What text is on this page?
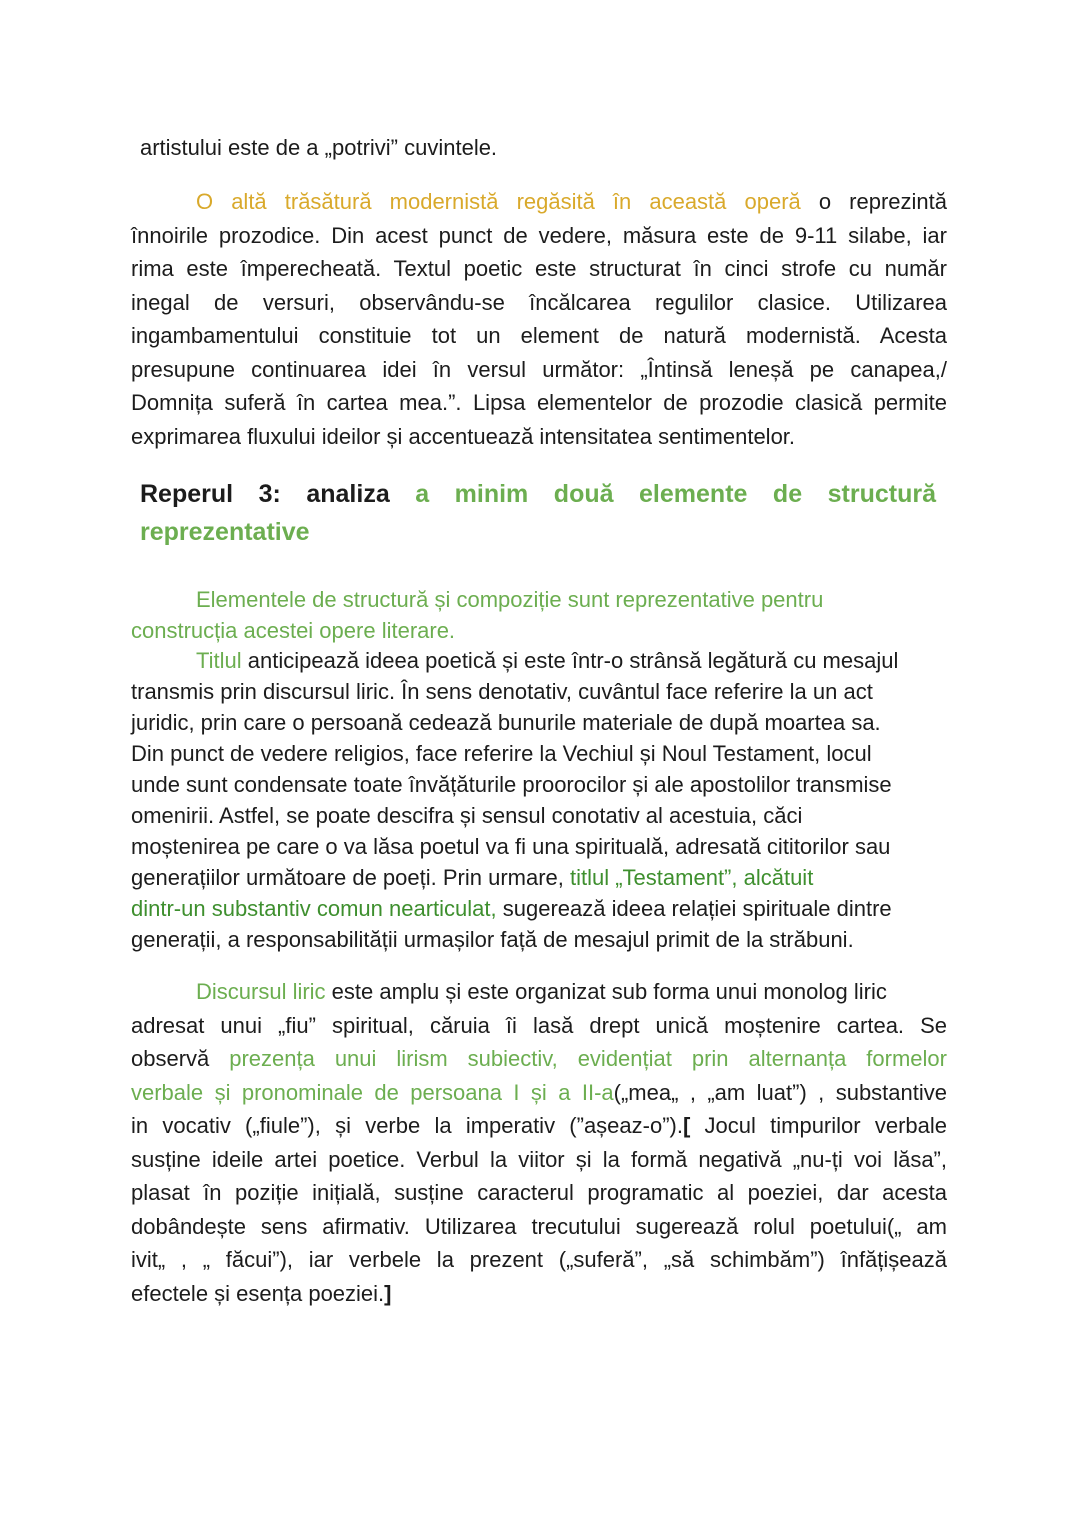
artistului este de a „potrivi” cuvintele.
O altă trăsătură modernistă regăsită în această operă o reprezintă
înnoirile prozodice. Din acest punct de vedere, măsura este de 9-11 silabe, iar
rima este împerecheată. Textul poetic este structurat în cinci strofe cu număr
inegal de versuri, observându-se încălcarea regulilor clasice. Utilizarea
ingambamentului constituie tot un element de natură modernistă. Acesta
presupune continuarea idei în versul următor: „Întinsă leneșă pe canapea,/
Domnița suferă în cartea mea.”. Lipsa elementelor de prozodie clasică permite
exprimarea fluxului ideilor și accentuează intensitatea sentimentelor.
Reperul 3: analiza a minim două elemente de structură
reprezentative
Elementele de structură și compoziție sunt reprezentative pentru
construcția acestei opere literare.
Titlul anticipează ideea poetică și este într-o strânsă legătură cu mesajul
transmis prin discursul liric. În sens denotativ, cuvântul face referire la un act
juridic, prin care o persoană cedează bunurile materiale de după moartea sa.
Din punct de vedere religios, face referire la Vechiul și Noul Testament, locul
unde sunt condensate toate învățăturile proorocilor și ale apostolilor transmise
omenirii. Astfel, se poate descifra și sensul conotativ al acestuia, căci
moștenirea pe care o va lăsa poetul va fi una spirituală, adresată cititorilor sau
generațiilor următoare de poeți. Prin urmare, titlul „Testament”, alcătuit
dintr-un substantiv comun nearticulat, sugerează ideea relației spirituale dintre
generații, a responsabilității urmașilor față de mesajul primit de la străbuni.
Discursul liric este amplu și este organizat sub forma unui monolog liric
adresat unui „fiu” spiritual, căruia îi lasă drept unică moștenire cartea. Se
observă prezența unui lirism subiectiv, evidențiat prin alternanța formelor
verbale și pronominale de persoana I și a II-a(„mea„ , „am luat”) , substantive
in vocativ („fiule”), și verbe la imperativ (”așeaz-o”).[ Jocul timpurilor verbale
susține ideile artei poetice. Verbul la viitor și la formă negativă „nu-ți voi lăsa”,
plasat în poziție inițială, susține caracterul programatic al poeziei, dar acesta
dobândește sens afirmativ. Utilizarea trecutului sugerează rolul poetului(„ am
ivit„ , „ făcui”), iar verbele la prezent („suferă”, „să schimbăm”) înfățișează
efectele și esența poeziei.]
